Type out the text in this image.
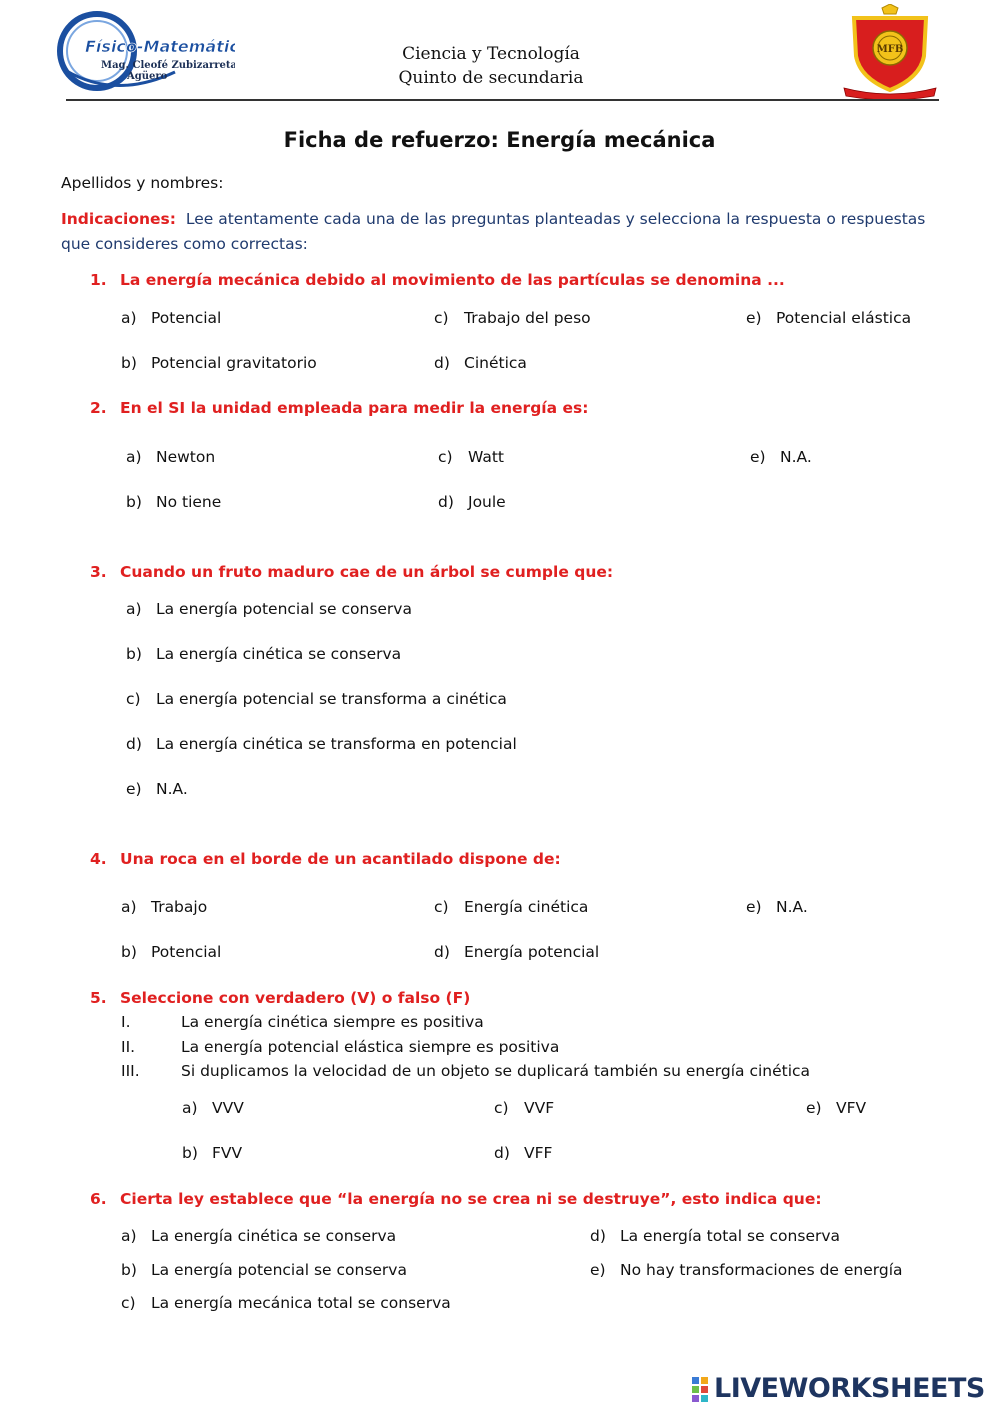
Físico-Matemática
Mag. Cleofé Zubizarreta
Agüero
Ciencia y Tecnología
Quinto de secundaria
MFB
Ficha de refuerzo: Energía mecánica
Apellidos y nombres:
Indicaciones: Lee atentamente cada una de las preguntas planteadas y selecciona la respuesta o respuestas que consideres como correctas:
1. La energía mecánica debido al movimiento de las partículas se denomina ...
a) Potencial
b) Potencial gravitatorio
c) Trabajo del peso
d) Cinética
e) Potencial elástica
2. En el SI la unidad empleada para medir la energía es:
a) Newton
b) No tiene
c) Watt
d) Joule
e) N.A.
3. Cuando un fruto maduro cae de un árbol se cumple que:
a) La energía potencial se conserva
b) La energía cinética se conserva
c) La energía potencial se transforma a cinética
d) La energía cinética se transforma en potencial
e) N.A.
4. Una roca en el borde de un acantilado dispone de:
a) Trabajo
b) Potencial
c) Energía cinética
d) Energía potencial
e) N.A.
5. Seleccione con verdadero (V) o falso (F)
I.	La energía cinética siempre es positiva
II.	La energía potencial elástica siempre es positiva
III.	Si duplicamos la velocidad de un objeto se duplicará también su energía cinética
a) VVV
b) FVV
c) VVF
d) VFF
e) VFV
6. Cierta ley establece que “la energía no se crea ni se destruye”, esto indica que:
a) La energía cinética se conserva
b) La energía potencial se conserva
c) La energía mecánica total se conserva
d) La energía total se conserva
e) No hay transformaciones de energía
LIVEWORKSHEETS
